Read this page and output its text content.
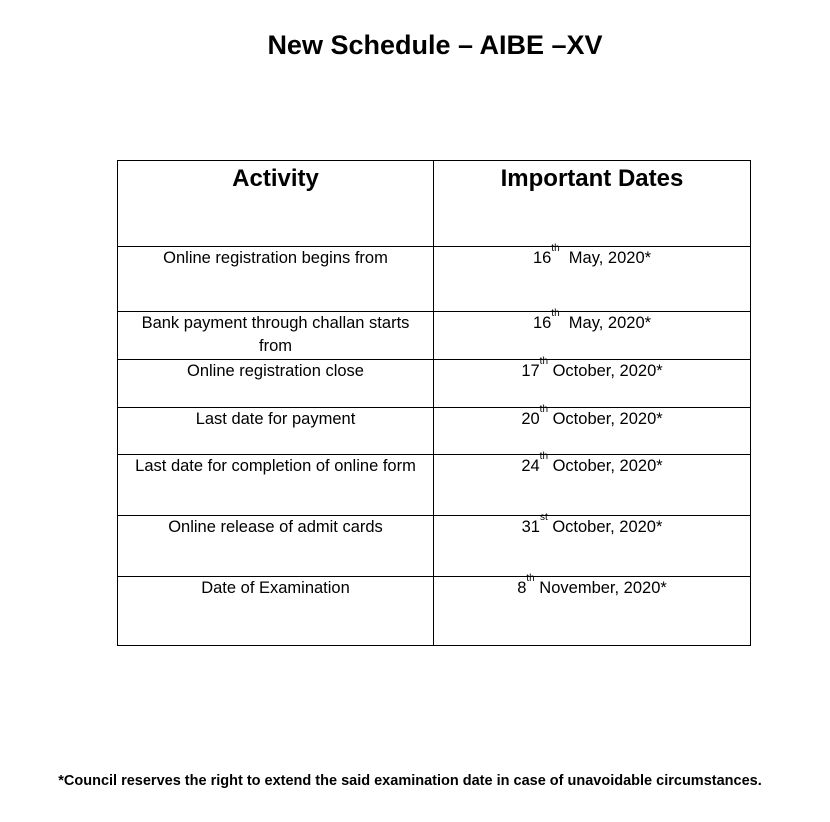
New Schedule – AIBE –XV
Activity	Important Dates
Online registration begins from	16th  May, 2020*
Bank payment through challan starts from	16th  May, 2020*
Online registration close	17th October, 2020*
Last date for payment	20th October, 2020*
Last date for completion of online form	24th October, 2020*
Online release of admit cards	31st October, 2020*
Date of Examination	8th November, 2020*
*Council reserves the right to extend the said examination date in case of unavoidable circumstances.
